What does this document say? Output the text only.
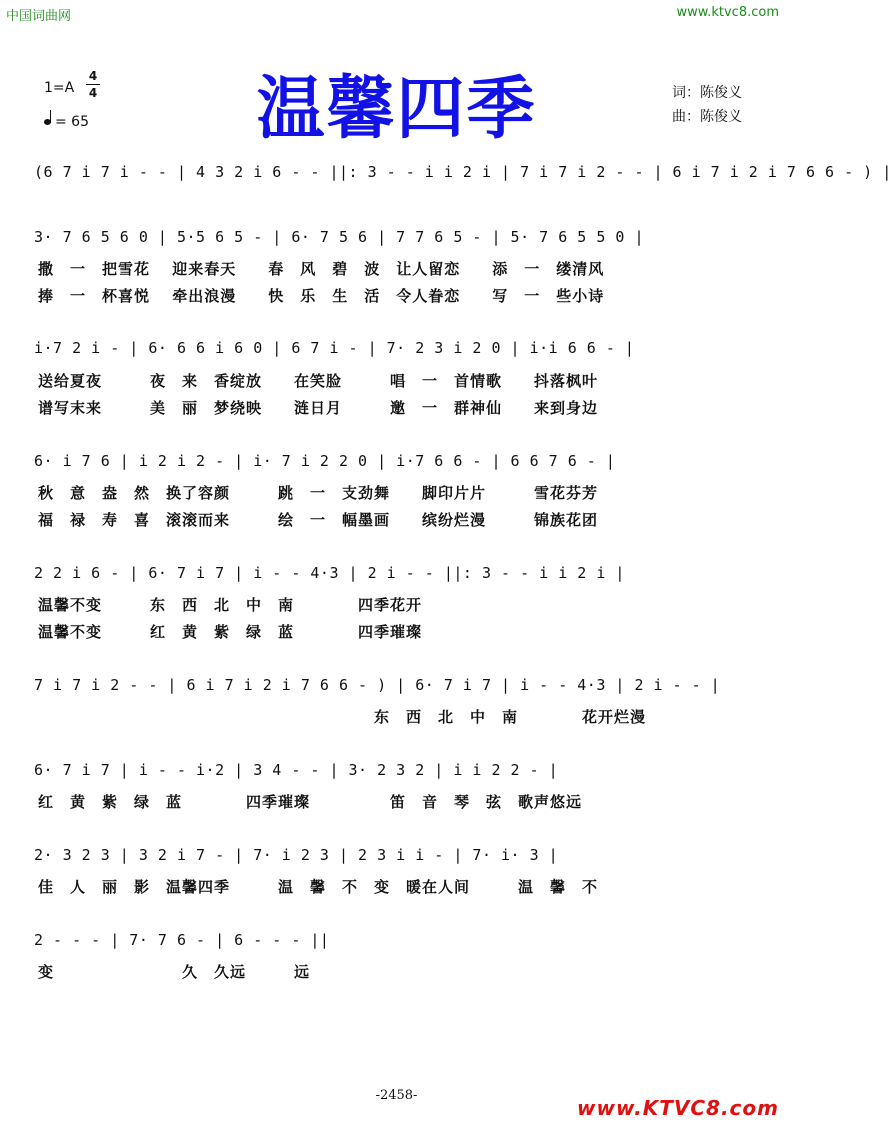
中国词曲网	www.ktvc8.com
温馨四季
1=A
4
4
= 65
词：陈俊义
曲：陈俊义
(6 7 i 7 i - - | 4 3 2 i 6 - - ||: 3 - - i i 2 i | 7 i 7 i 2 - - | 6 i 7 i 2 i 7 6 6 - ) |
3· 7 6 5 6 0 | 5·5 6 5 - | 6· 7 5 6 | 7 7 6 5 - | 5· 7 6 5 5 0 |
撒　一　把雪花　 迎来春天　　春　风　碧　波　让人留恋　　添　一　缕清风
捧　一　杯喜悦　 牵出浪漫　　快　乐　生　活　令人眷恋　　写　一　些小诗
i·7 2 i - | 6· 6 6 i 6 0 | 6 7 i - | 7· 2 3 i 2 0 | i·i 6 6 - |
送给夏夜　　　夜　来　香绽放　　在笑脸　　　唱　一　首情歌　　抖落枫叶
谱写末来　　　美　丽　梦绕映　　涟日月　　　邀　一　群神仙　　来到身边
6· i 7 6 | i 2 i 2 - | i· 7 i 2 2 0 | i·7 6 6 - | 6 6 7 6 - |
秋　意　盎　然　换了容颜　　　跳　一　支劲舞　　脚印片片　　　雪花芬芳
福　禄　寿　喜　滚滚而来　　　绘　一　幅墨画　　缤纷烂漫　　　锦族花团
2 2 i 6 - | 6· 7 i 7 | i - - 4·3 | 2 i - - ||: 3 - - i i 2 i |
温馨不变　　　东　西　北　中　南　　　　四季花开
温馨不变　　　红　黄　紫　绿　蓝　　　　四季璀璨
7 i 7 i 2 - - | 6 i 7 i 2 i 7 6 6 - ) | 6· 7 i 7 | i - - 4·3 | 2 i - - |
　　　　　　　　　　　　　　　　　　　　　东　西　北　中　南　　　　花开烂漫
6· 7 i 7 | i - - i·2 | 3 4 - - | 3· 2 3 2 | i i 2 2 - |
红　黄　紫　绿　蓝　　　　四季璀璨　　　　　笛　音　琴　弦　歌声悠远
2· 3 2 3 | 3 2 i 7 - | 7· i 2 3 | 2 3 i i - | 7· i· 3 |
佳　人　丽　影　温馨四季　　　温　馨　不　变　暖在人间　　　温　馨　不
2 - - - | 7· 7 6 - | 6 - - - ||
变　　　　　　　　久　久远　　　远
-2458-
www.KTVC8.com
